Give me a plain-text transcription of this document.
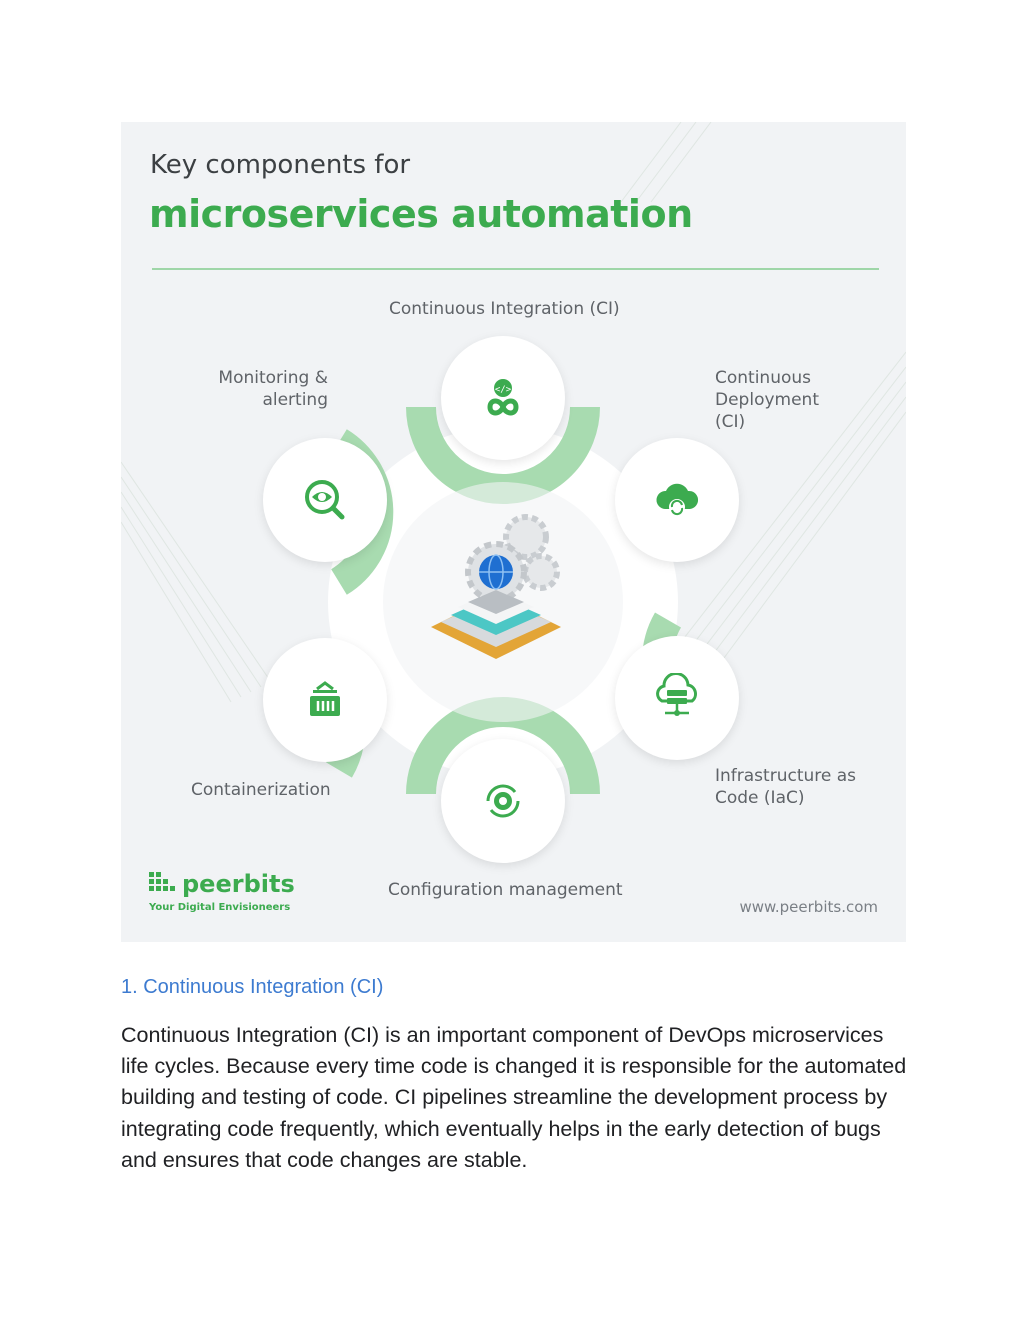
Key components for
microservices automation
Continuous Integration (CI)
Continuous Deployment (CI)
Infrastructure as Code (IaC)
Configuration management
Containerization
Monitoring & alerting	</>
peerbits
Your Digital Envisioneers	www.peerbits.com
1. Continuous Integration (CI)
Continuous Integration (CI) is an important component of DevOps microservices life cycles. Because every time code is changed it is responsible for the automated building and testing of code. CI pipelines streamline the development process by integrating code frequently, which eventually helps in the early detection of bugs and ensures that code changes are stable.
